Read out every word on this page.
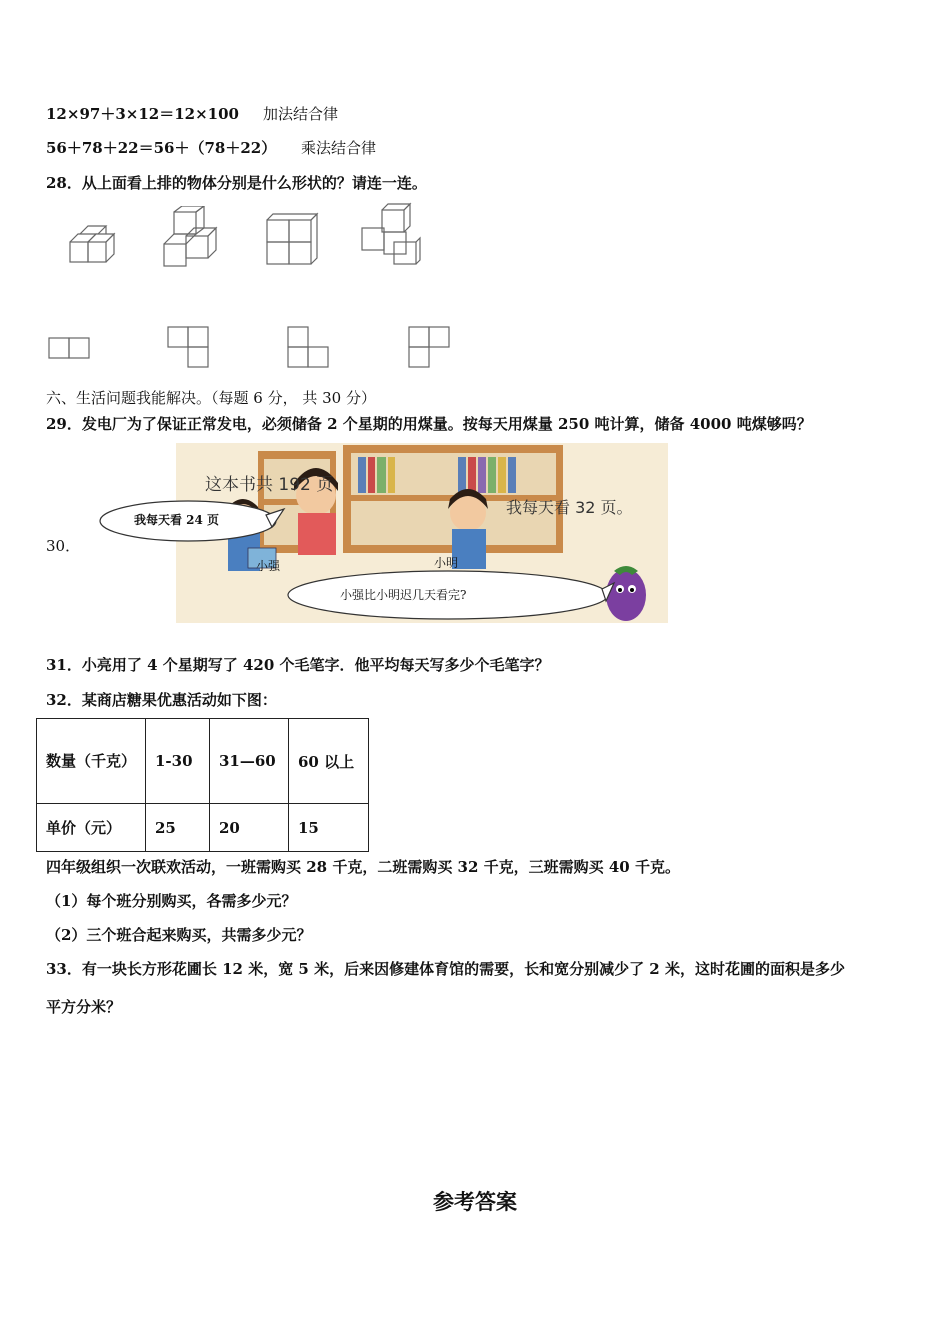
12×97＋3×12＝12×100 加法结合律
56＋78＋22＝56＋（78＋22） 乘法结合律
28．从上面看上排的物体分别是什么形状的？请连一连。
六、生活问题我能解决。（每题 6 分， 共 30 分）
29．发电厂为了保证正常发电，必须储备 2 个星期的用煤量。按每天用煤量 250 吨计算，储备 4000 吨煤够吗？
30．
这本书共 192 页
我每天看 24 页
我每天看 32 页。
小强	小明
小强比小明迟几天看完?
31．小亮用了 4 个星期写了 420 个毛笔字．他平均每天写多少个毛笔字？
32．某商店糖果优惠活动如下图：
数量（千克）	1-30	31—60	60 以上
单价（元）	25	20	15
四年级组织一次联欢活动，一班需购买 28 千克，二班需购买 32 千克，三班需购买 40 千克。
（1）每个班分别购买，各需多少元？
（2）三个班合起来购买，共需多少元？
33．有一块长方形花圃长 12 米，宽 5 米，后来因修建体育馆的需要，长和宽分别减少了 2 米，这时花圃的面积是多少
平方分米？
参考答案
